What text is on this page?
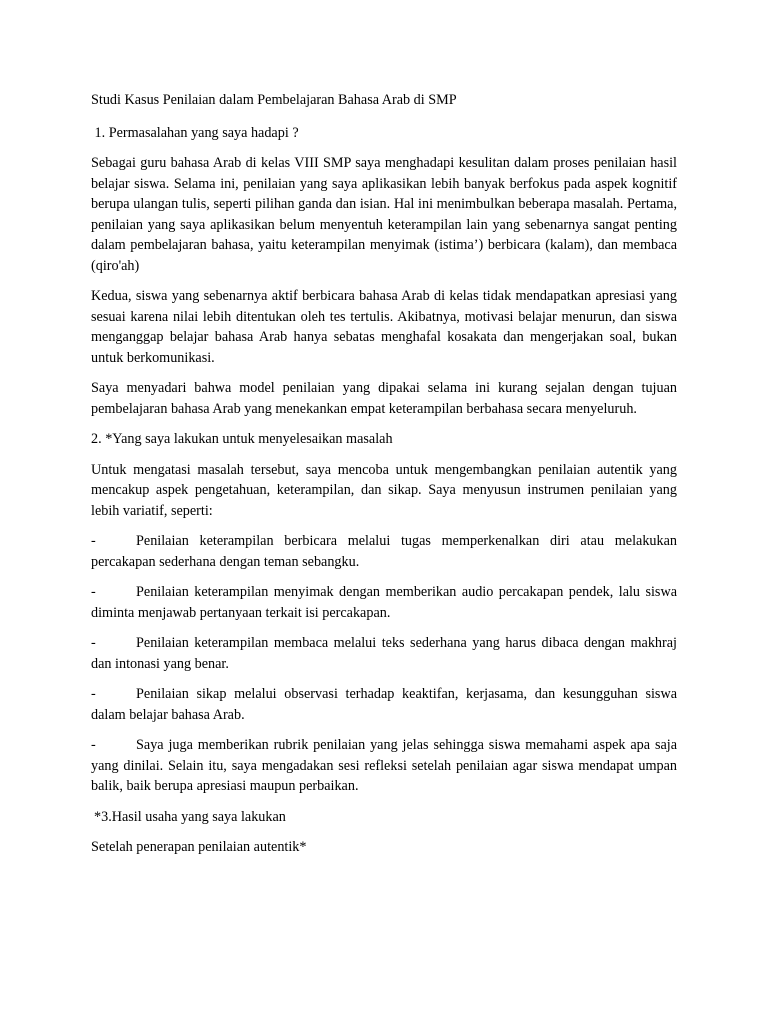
Studi Kasus Penilaian dalam Pembelajaran Bahasa Arab di SMP
1. Permasalahan yang saya hadapi ?

Sebagai guru bahasa Arab di kelas VIII SMP saya menghadapi kesulitan dalam proses penilaian hasil belajar siswa. Selama ini, penilaian yang saya aplikasikan lebih banyak berfokus pada aspek kognitif berupa ulangan tulis, seperti pilihan ganda dan isian. Hal ini menimbulkan beberapa masalah. Pertama, penilaian yang saya aplikasikan belum menyentuh keterampilan lain yang sebenarnya sangat penting dalam pembelajaran bahasa, yaitu keterampilan menyimak (istima’) berbicara (kalam), dan membaca (qiro'ah)

Kedua, siswa yang sebenarnya aktif berbicara bahasa Arab di kelas tidak mendapatkan apresiasi yang sesuai karena nilai lebih ditentukan oleh tes tertulis. Akibatnya, motivasi belajar menurun, dan siswa menganggap belajar bahasa Arab hanya sebatas menghafal kosakata dan mengerjakan soal, bukan untuk berkomunikasi.

Saya menyadari bahwa model penilaian yang dipakai selama ini kurang sejalan dengan tujuan pembelajaran bahasa Arab yang menekankan empat keterampilan berbahasa secara menyeluruh.

2. *Yang saya lakukan untuk menyelesaikan masalah

Untuk mengatasi masalah tersebut, saya mencoba untuk mengembangkan penilaian autentik yang mencakup aspek pengetahuan, keterampilan, dan sikap. Saya menyusun instrumen penilaian yang lebih variatif, seperti:

-	Penilaian keterampilan berbicara melalui tugas memperkenalkan diri atau melakukan percakapan sederhana dengan teman sebangku.

-	Penilaian keterampilan menyimak dengan memberikan audio percakapan pendek, lalu siswa diminta menjawab pertanyaan terkait isi percakapan.

-	Penilaian keterampilan membaca melalui teks sederhana yang harus dibaca dengan makhraj dan intonasi yang benar.

-	Penilaian sikap melalui observasi terhadap keaktifan, kerjasama, dan kesungguhan siswa dalam belajar bahasa Arab.

-	Saya juga memberikan rubrik penilaian yang jelas sehingga siswa memahami aspek apa saja yang dinilai. Selain itu, saya mengadakan sesi refleksi setelah penilaian agar siswa mendapat umpan balik, baik berupa apresiasi maupun perbaikan.

*3.Hasil usaha yang saya lakukan
Setelah penerapan penilaian autentik*
